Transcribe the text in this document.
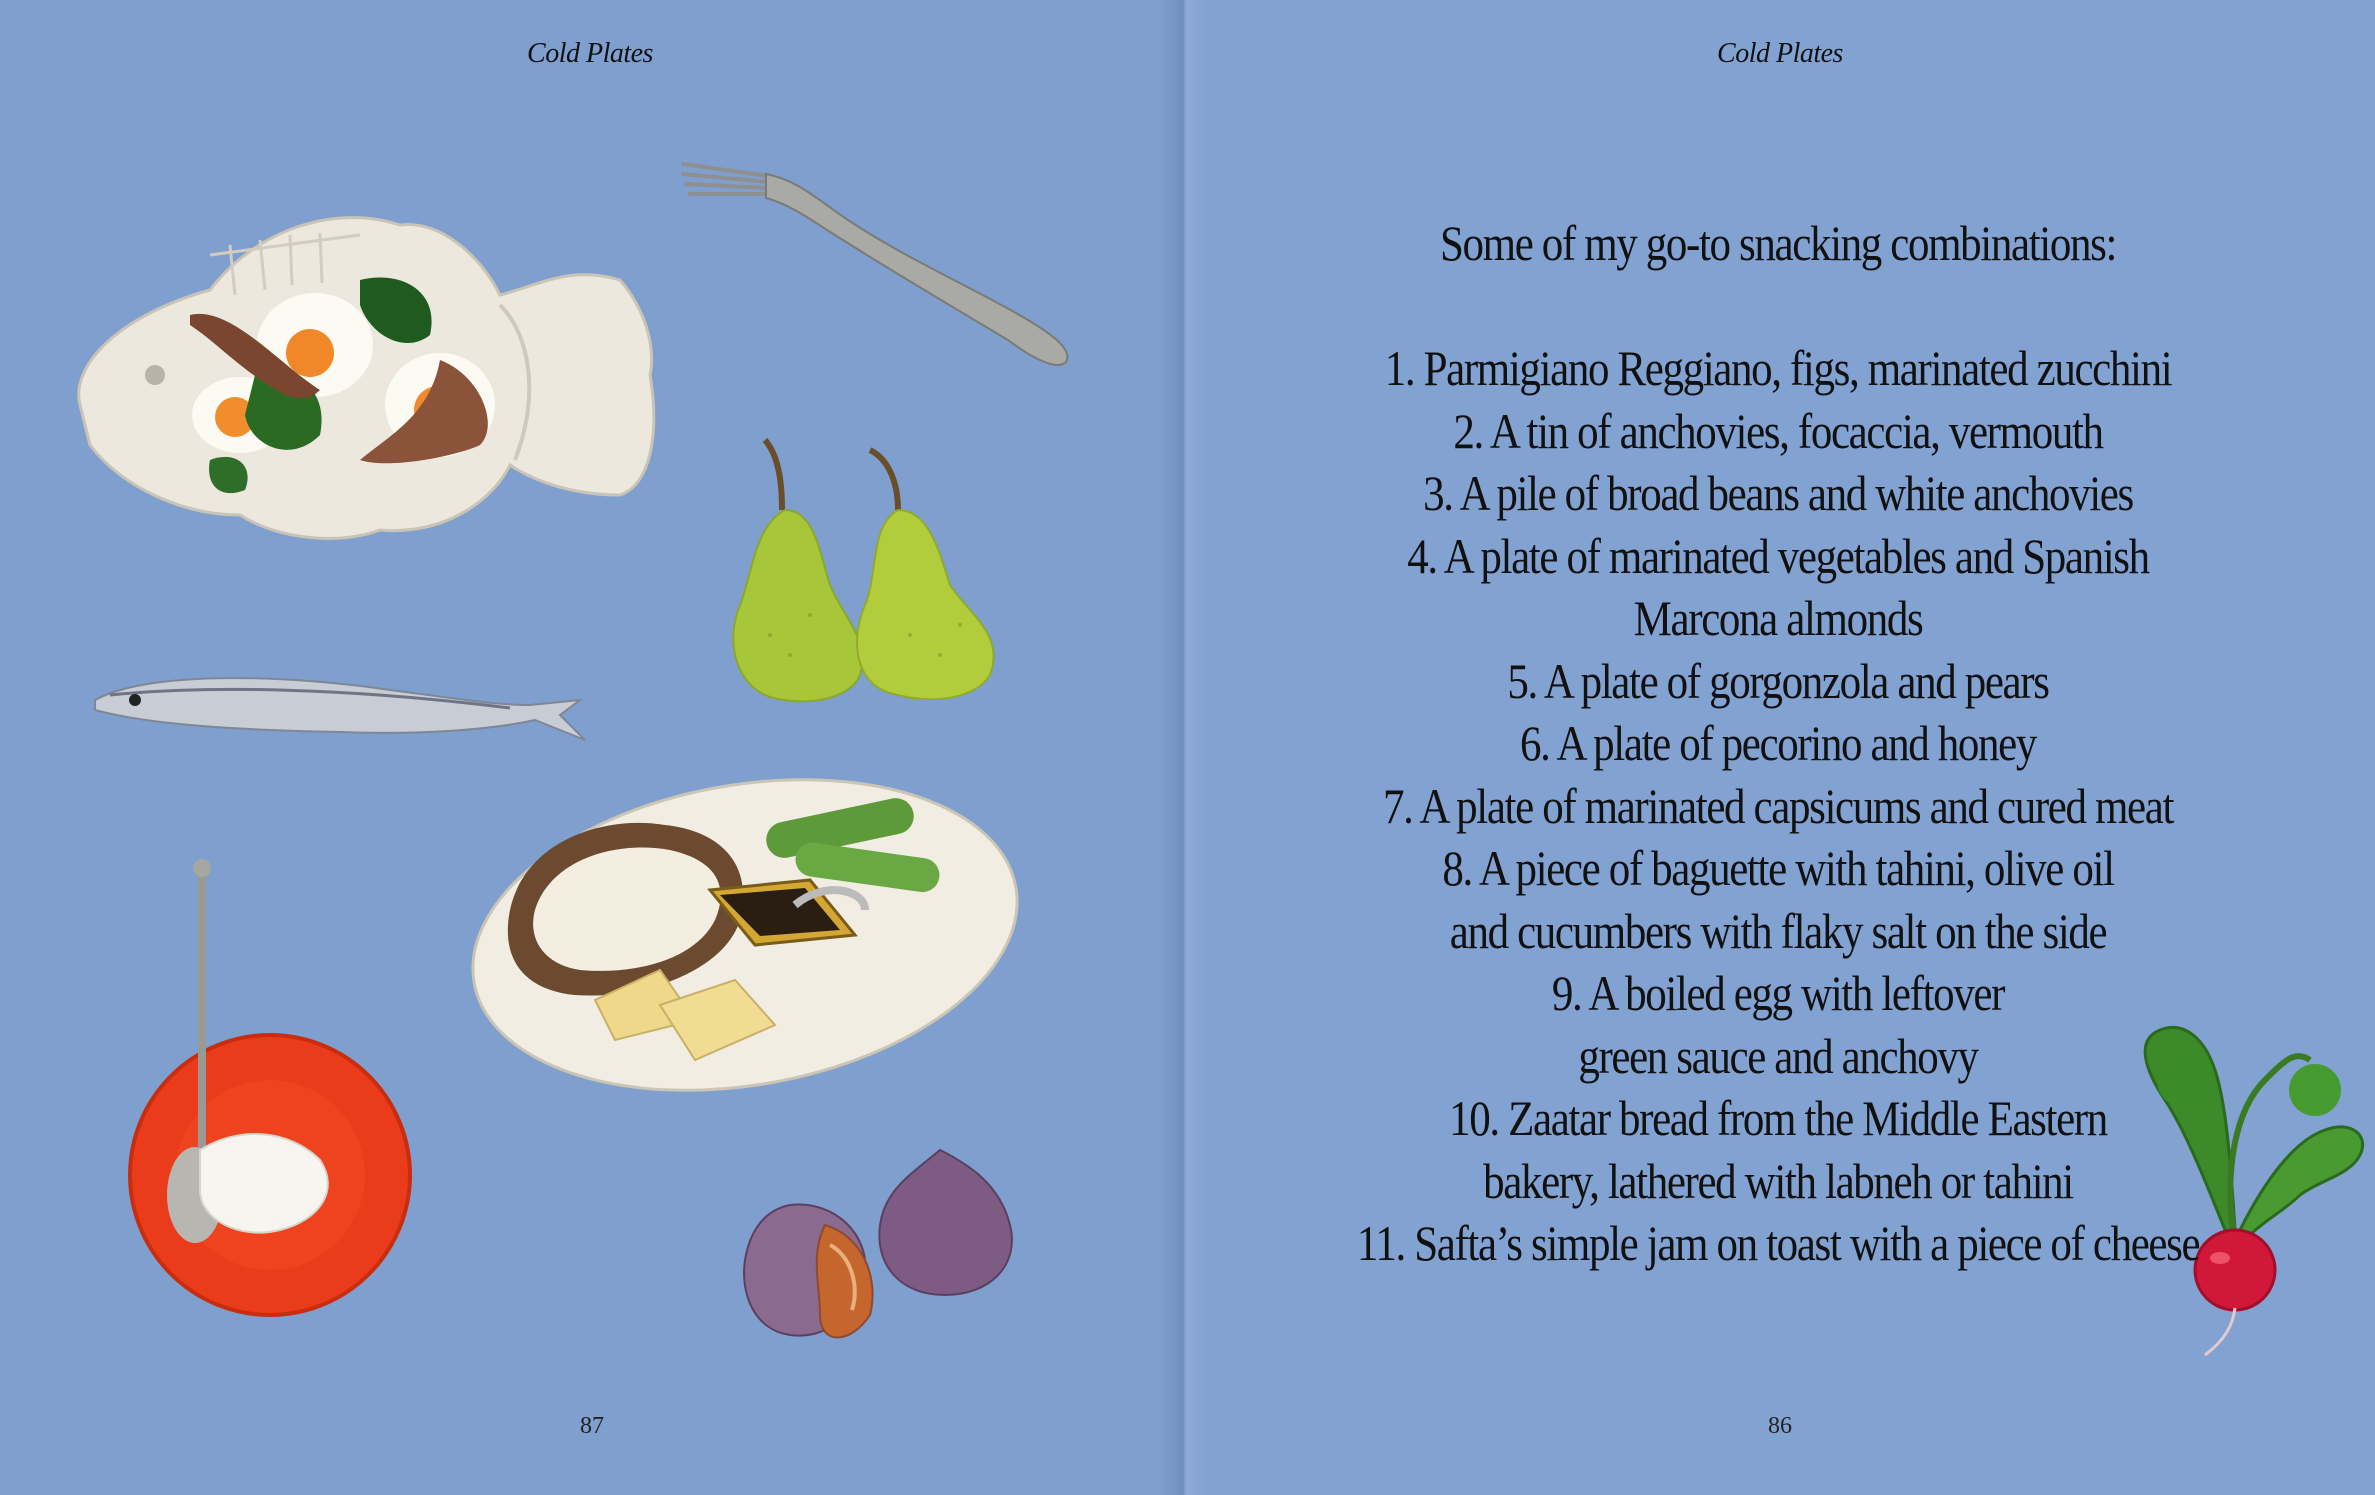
Cold Plates	Cold Plates
Some of my go-to snacking combinations:
1. Parmigiano Reggiano, figs, marinated zucchini
2. A tin of anchovies, focaccia, vermouth
3. A pile of broad beans and white anchovies
4. A plate of marinated vegetables and Spanish
Marcona almonds
5. A plate of gorgonzola and pears
6. A plate of pecorino and honey
7. A plate of marinated capsicums and cured meat
8. A piece of baguette with tahini, olive oil
and cucumbers with flaky salt on the side
9. A boiled egg with leftover
green sauce and anchovy
10. Zaatar bread from the Middle Eastern
bakery, lathered with labneh or tahini
11. Safta’s simple jam on toast with a piece of cheese
87	86
